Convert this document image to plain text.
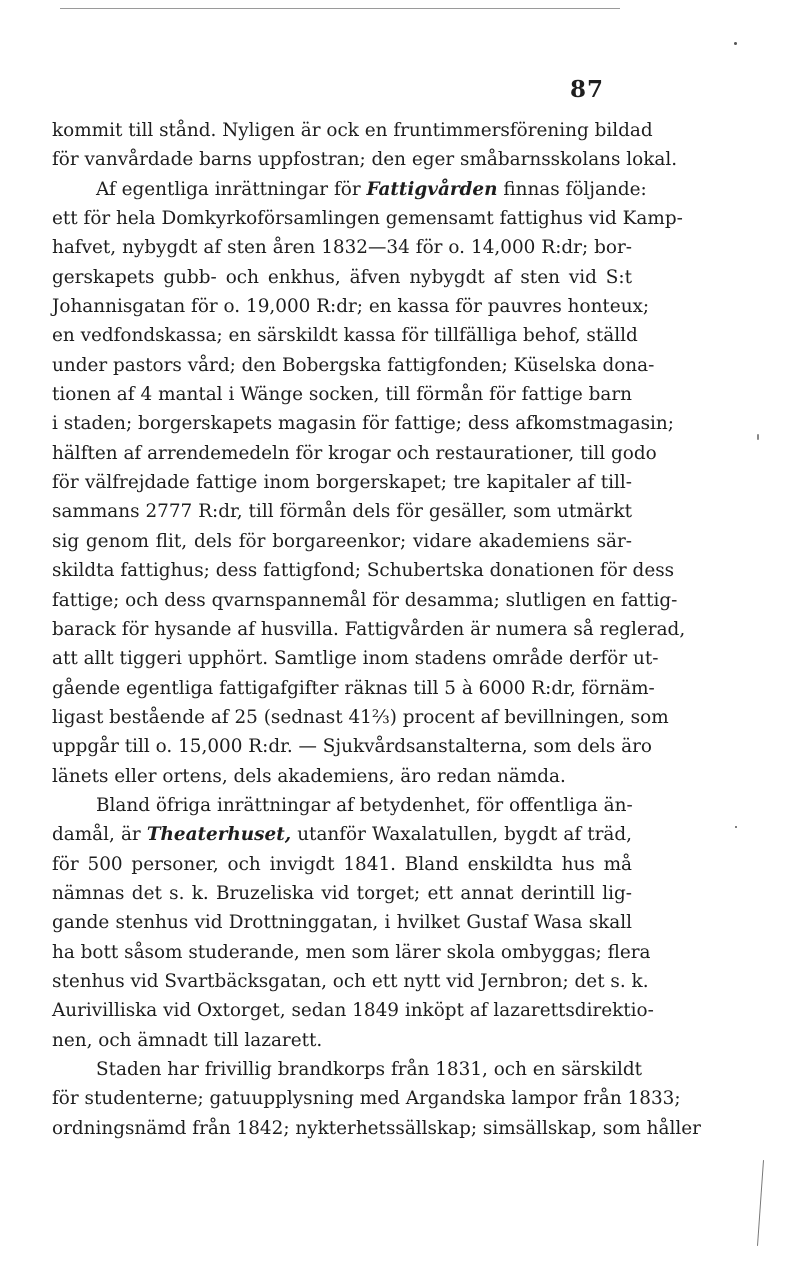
87
kommit till stånd. Nyligen är ock en fruntimmersförening bildad
för vanvårdade barns uppfostran; den eger småbarnsskolans lokal.
Af egentliga inrättningar för Fattigvården finnas följande:
ett för hela Domkyrkoförsamlingen gemensamt fattighus vid Kamp-
hafvet, nybygdt af sten åren 1832—34 för o. 14,000 R:dr; bor-
gerskapets gubb- och enkhus, äfven nybygdt af sten vid S:t
Johannisgatan för o. 19,000 R:dr; en kassa för pauvres honteux;
en vedfondskassa; en särskildt kassa för tillfälliga behof, ställd
under pastors vård; den Bobergska fattigfonden; Küselska dona-
tionen af 4 mantal i Wänge socken, till förmån för fattige barn
i staden; borgerskapets magasin för fattige; dess afkomstmagasin;
hälften af arrendemedeln för krogar och restaurationer, till godo
för välfrejdade fattige inom borgerskapet; tre kapitaler af till-
sammans 2777 R:dr, till förmån dels för gesäller, som utmärkt
sig genom flit, dels för borgareenkor; vidare akademiens sär-
skildta fattighus; dess fattigfond; Schubertska donationen för dess
fattige; och dess qvarnspannemål för desamma; slutligen en fattig-
barack för hysande af husvilla. Fattigvården är numera så reglerad,
att allt tiggeri upphört. Samtlige inom stadens område derför ut-
gående egentliga fattigafgifter räknas till 5 à 6000 R:dr, förnäm-
ligast bestående af 25 (sednast 41⅔) procent af bevillningen, som
uppgår till o. 15,000 R:dr. — Sjukvårdsanstalterna, som dels äro
länets eller ortens, dels akademiens, äro redan nämda.
Bland öfriga inrättningar af betydenhet, för offentliga än-
damål, är Theaterhuset, utanför Waxalatullen, bygdt af träd,
för 500 personer, och invigdt 1841. Bland enskildta hus må
nämnas det s. k. Bruzeliska vid torget; ett annat derintill lig-
gande stenhus vid Drottninggatan, i hvilket Gustaf Wasa skall
ha bott såsom studerande, men som lärer skola ombyggas; flera
stenhus vid Svartbäcksgatan, och ett nytt vid Jernbron; det s. k.
Aurivilliska vid Oxtorget, sedan 1849 inköpt af lazarettsdirektio-
nen, och ämnadt till lazarett.
Staden har frivillig brandkorps från 1831, och en särskildt
för studenterne; gatuupplysning med Argandska lampor från 1833;
ordningsnämd från 1842; nykterhetssällskap; simsällskap, som håller
